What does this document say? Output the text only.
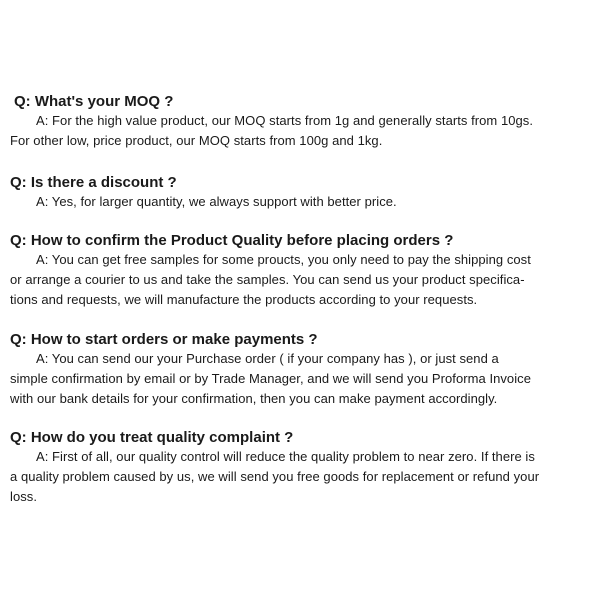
Q: What's your MOQ ?

A: For the high value product, our MOQ starts from 1g and generally starts from 10gs.
For other low, price product, our MOQ starts from 100g and 1kg.

Q: Is there a discount ?

A: Yes, for larger quantity, we always support with better price.

Q: How to confirm the Product Quality before placing orders ?

A: You can get free samples for some proucts, you only need to pay the shipping cost
or arrange a courier to us and take the samples. You can send us your product specifica-
tions and requests, we will manufacture the products according to your requests.

Q: How to start orders or make payments ?

A: You can send our your Purchase order ( if your company has ), or just send a
simple confirmation by email or by Trade Manager, and we will send you Proforma Invoice
with our bank details for your confirmation, then you can make payment accordingly.

Q: How do you treat quality complaint ?

A: First of all, our quality control will reduce the quality problem to near zero. If there is
a quality problem caused by us, we will send you free goods for replacement or refund your
loss.
